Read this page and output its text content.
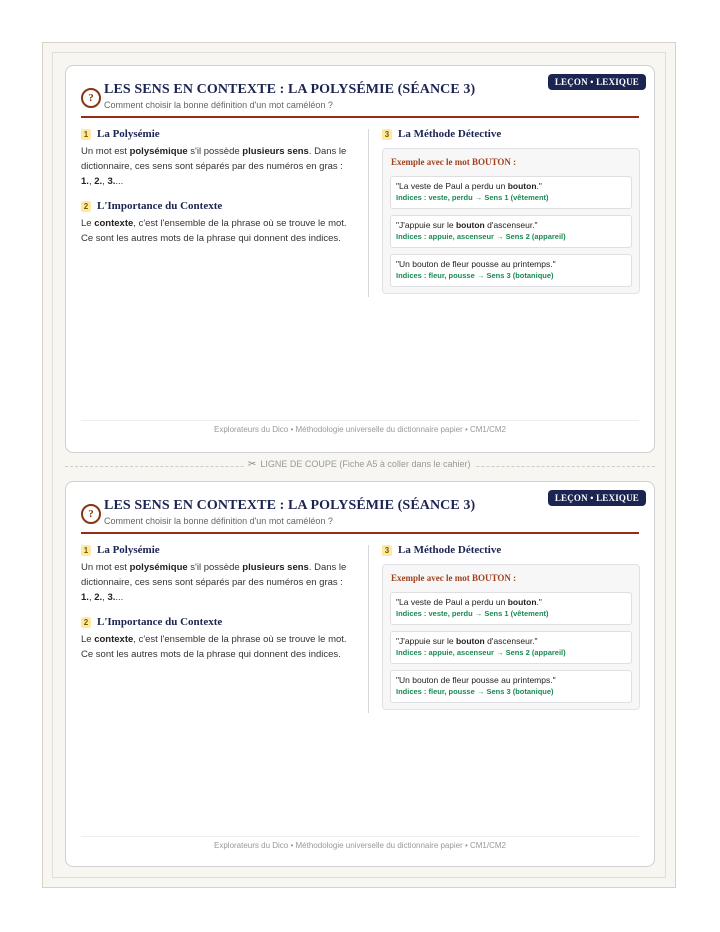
LEÇON • LEXIQUE
?
LES SENS EN CONTEXTE : LA POLYSÉMIE (SÉANCE 3)
Comment choisir la bonne définition d'un mot caméléon ?
1 La Polysémie

Un mot est polysémique s'il possède plusieurs sens. Dans le dictionnaire, ces sens sont séparés par des numéros en gras : 1., 2., 3....

2 L'Importance du Contexte

Le contexte, c'est l'ensemble de la phrase où se trouve le mot. Ce sont les autres mots de la phrase qui donnent des indices.

3 La Méthode Détective
Exemple avec le mot BOUTON :
"La veste de Paul a perdu un bouton."
Indices : veste, perdu → Sens 1 (vêtement)
"J'appuie sur le bouton d'ascenseur."
Indices : appuie, ascenseur → Sens 2 (appareil)
"Un bouton de fleur pousse au printemps."
Indices : fleur, pousse → Sens 3 (botanique)
Explorateurs du Dico • Méthodologie universelle du dictionnaire papier • CM1/CM2
✂ LIGNE DE COUPE (Fiche A5 à coller dans le cahier)
LEÇON • LEXIQUE
?
LES SENS EN CONTEXTE : LA POLYSÉMIE (SÉANCE 3)
Comment choisir la bonne définition d'un mot caméléon ?
1 La Polysémie

Un mot est polysémique s'il possède plusieurs sens. Dans le dictionnaire, ces sens sont séparés par des numéros en gras : 1., 2., 3....

2 L'Importance du Contexte

Le contexte, c'est l'ensemble de la phrase où se trouve le mot. Ce sont les autres mots de la phrase qui donnent des indices.

3 La Méthode Détective
Exemple avec le mot BOUTON :
"La veste de Paul a perdu un bouton."
Indices : veste, perdu → Sens 1 (vêtement)
"J'appuie sur le bouton d'ascenseur."
Indices : appuie, ascenseur → Sens 2 (appareil)
"Un bouton de fleur pousse au printemps."
Indices : fleur, pousse → Sens 3 (botanique)
Explorateurs du Dico • Méthodologie universelle du dictionnaire papier • CM1/CM2
